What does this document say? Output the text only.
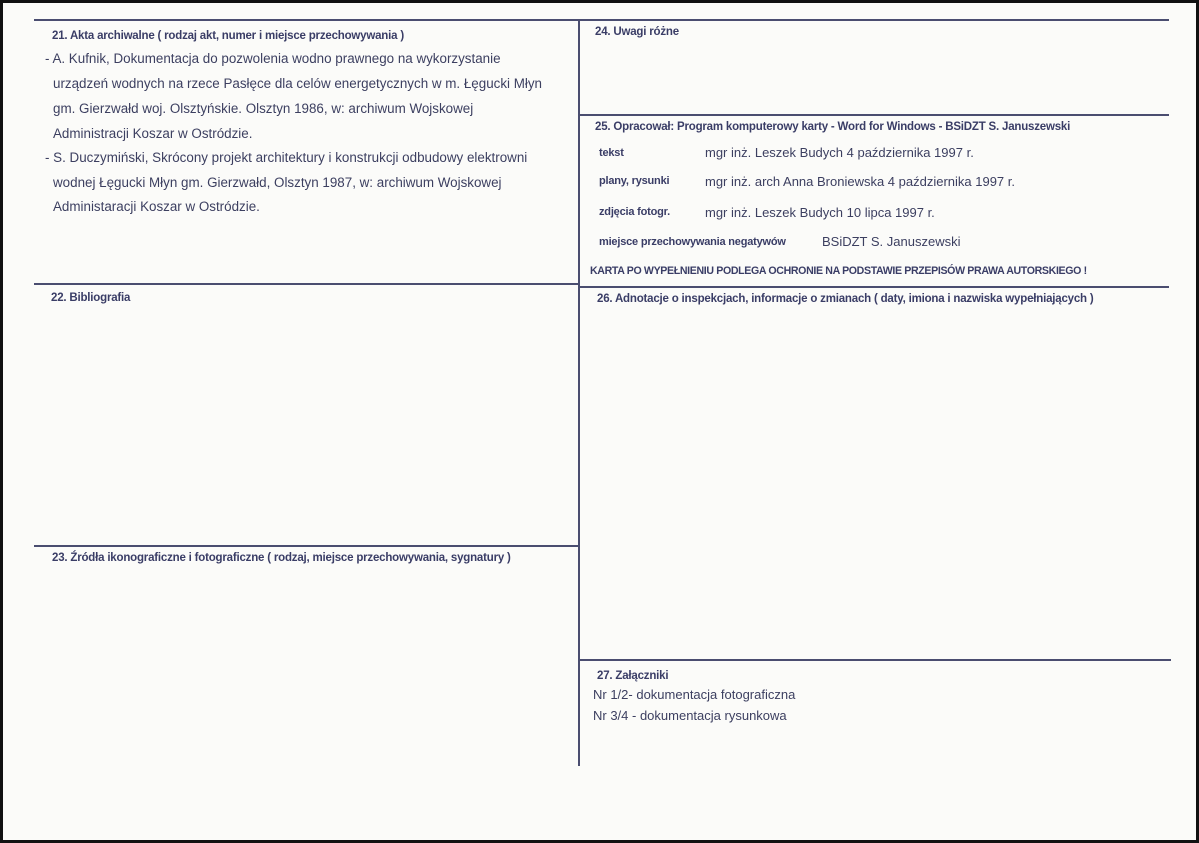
21. Akta archiwalne ( rodzaj akt, numer i miejsce przechowywania )
- A. Kufnik, Dokumentacja do pozwolenia wodno prawnego na wykorzystanie
urządzeń wodnych na rzece Pasłęce dla celów energetycznych w m. Łęgucki Młyn
gm. Gierzwałd woj. Olsztyńskie. Olsztyn 1986, w: archiwum Wojskowej
Administracji Koszar w Ostródzie.
- S. Duczymiński, Skrócony projekt architektury i konstrukcji odbudowy elektrowni
wodnej Łęgucki Młyn gm. Gierzwałd, Olsztyn 1987, w: archiwum Wojskowej
Administaracji Koszar w Ostródzie.
22. Bibliografia
23. Źródła ikonograficzne i fotograficzne ( rodzaj, miejsce przechowywania, sygnatury )
24. Uwagi różne
25. Opracował: Program komputerowy karty - Word for Windows - BSiDZT S. Januszewski
tekst	mgr inż. Leszek Budych 4 października 1997 r.
plany, rysunki	mgr inż. arch Anna Broniewska 4 października 1997 r.
zdjęcia fotogr.	mgr inż. Leszek Budych 10 lipca 1997 r.
miejsce przechowywania negatywów	BSiDZT S. Januszewski
KARTA PO WYPEŁNIENIU PODLEGA OCHRONIE NA PODSTAWIE PRZEPISÓW PRAWA AUTORSKIEGO !
26. Adnotacje o inspekcjach, informacje o zmianach ( daty, imiona i nazwiska wypełniających )
27. Załączniki
Nr 1/2- dokumentacja fotograficzna
Nr 3/4 - dokumentacja rysunkowa
